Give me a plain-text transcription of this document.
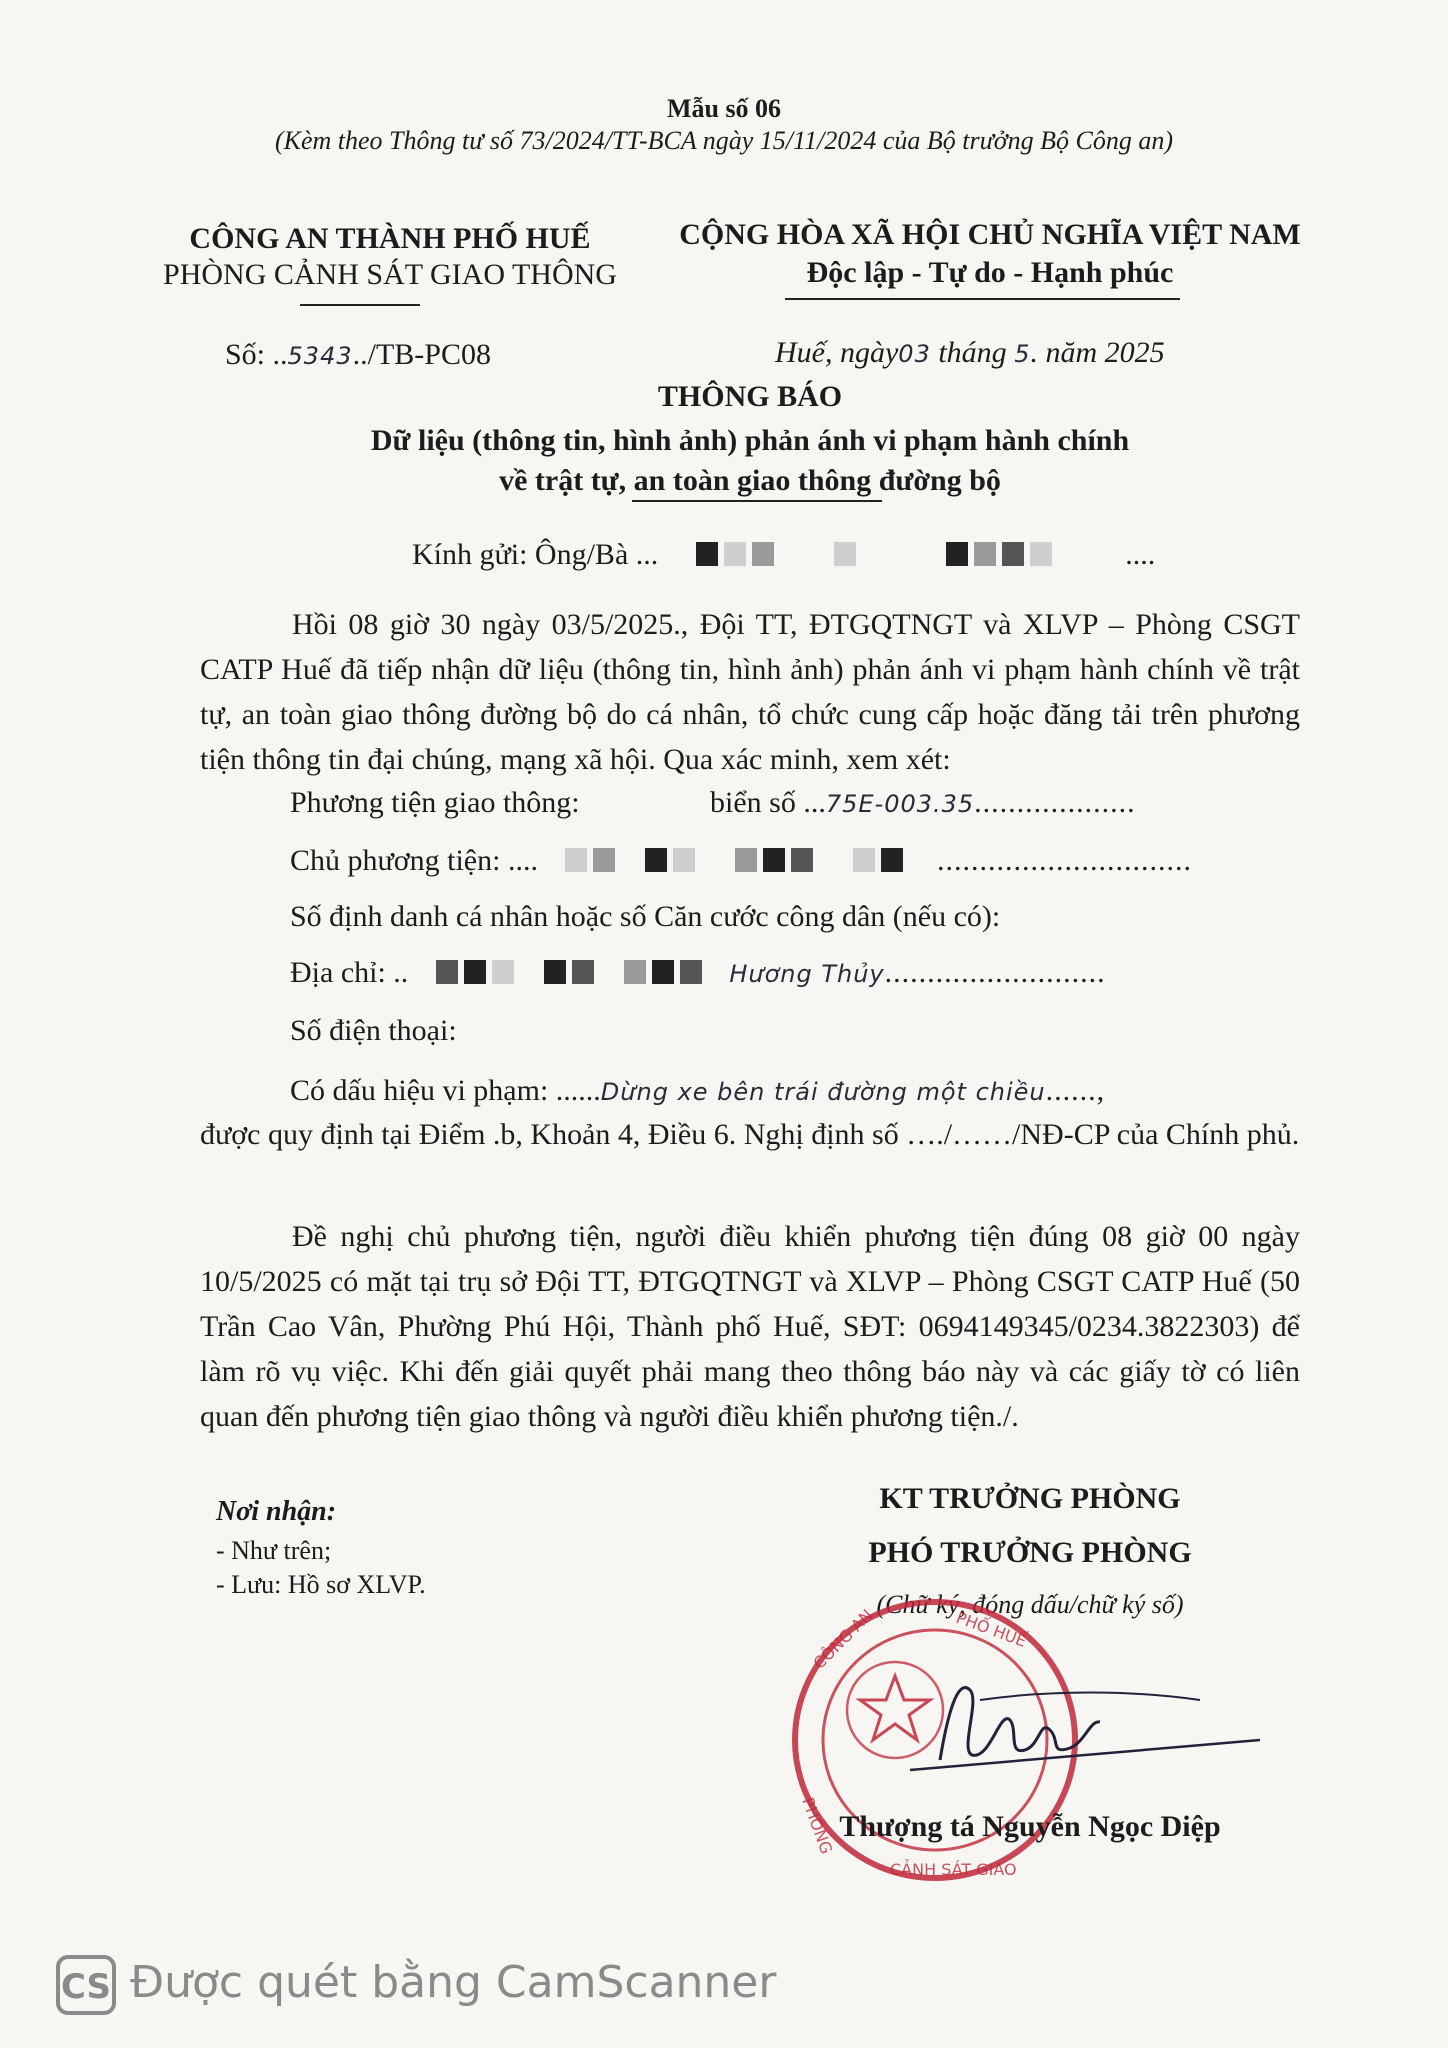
Mẫu số 06
(Kèm theo Thông tư số 73/2024/TT-BCA ngày 15/11/2024 của Bộ trưởng Bộ Công an)
CÔNG AN THÀNH PHỐ HUẾ
PHÒNG CẢNH SÁT GIAO THÔNG
CỘNG HÒA XÃ HỘI CHỦ NGHĨA VIỆT NAM
Độc lập - Tự do - Hạnh phúc
Số: ..5343../TB-PC08	Huế, ngày03 tháng 5. năm 2025
THÔNG BÁO
Dữ liệu (thông tin, hình ảnh) phản ánh vi phạm hành chính
về trật tự, an toàn giao thông đường bộ
Kính gửi: Ông/Bà ...	....
Hồi 08 giờ 30 ngày 03/5/2025., Đội TT, ĐTGQTNGT và XLVP – Phòng CSGT CATP Huế đã tiếp nhận dữ liệu (thông tin, hình ảnh) phản ánh vi phạm hành chính về trật tự, an toàn giao thông đường bộ do cá nhân, tổ chức cung cấp hoặc đăng tải trên phương tiện thông tin đại chúng, mạng xã hội. Qua xác minh, xem xét:
Phương tiện giao thông:	biển số ...75E-003.35...................
Chủ phương tiện: ....	..............................
Số định danh cá nhân hoặc số Căn cước công dân (nếu có):
Địa chỉ: ..	Hương Thủy..........................
Số điện thoại:
Có dấu hiệu vi phạm: ......Dừng xe bên trái đường một chiều......,
được quy định tại Điểm .b, Khoản 4, Điều 6. Nghị định số …./……/NĐ-CP của Chính phủ.
Đề nghị chủ phương tiện, người điều khiển phương tiện đúng 08 giờ 00 ngày 10/5/2025 có mặt tại trụ sở Đội TT, ĐTGQTNGT và XLVP – Phòng CSGT CATP Huế (50 Trần Cao Vân, Phường Phú Hội, Thành phố Huế, SĐT: 0694149345/0234.3822303) để làm rõ vụ việc. Khi đến giải quyết phải mang theo thông báo này và các giấy tờ có liên quan đến phương tiện giao thông và người điều khiển phương tiện./.
Nơi nhận:
- Như trên;
- Lưu: Hồ sơ XLVP.
KT TRƯỞNG PHÒNG
PHÓ TRƯỞNG PHÒNG
(Chữ ký, đóng dấu/chữ ký số)
CÔNG AN	PHỐ HUẾ
PHÒNG
CẢNH SÁT GIAO
Thượng tá Nguyễn Ngọc Diệp
CS Được quét bằng CamScanner
